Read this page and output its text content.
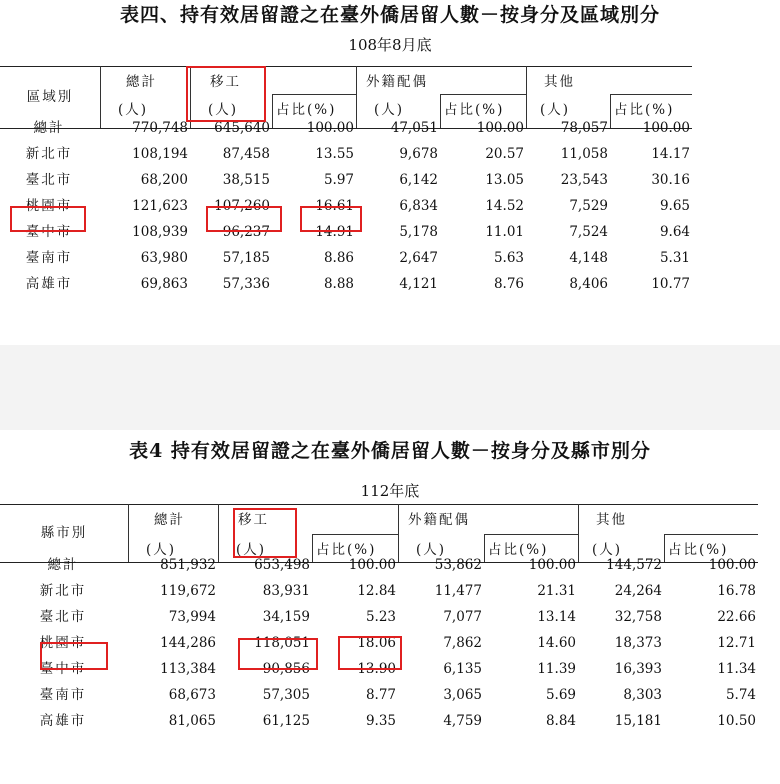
表四、持有效居留證之在臺外僑居留人數－按身分及區域別分
108年8月底
區域別
總計
(人)
移工
(人)	占比(%)
外籍配偶
(人)	占比(%)
其他
(人)	占比(%)
總計	770,748	645,640	100.00	47,051	100.00	78,057	100.00
新北市	108,194	87,458	13.55	9,678	20.57	11,058	14.17
臺北市	68,200	38,515	5.97	6,142	13.05	23,543	30.16
桃園市	121,623	107,260	16.61	6,834	14.52	7,529	9.65
臺中市	108,939	96,237	14.91	5,178	11.01	7,524	9.64
臺南市	63,980	57,185	8.86	2,647	5.63	4,148	5.31
高雄市	69,863	57,336	8.88	4,121	8.76	8,406	10.77
表4 持有效居留證之在臺外僑居留人數－按身分及縣市別分
112年底
縣市別
總計
(人)
移工
(人)	占比(%)
外籍配偶
(人)	占比(%)
其他
(人)	占比(%)
總計	851,932	653,498	100.00	53,862	100.00	144,572	100.00
新北市	119,672	83,931	12.84	11,477	21.31	24,264	16.78
臺北市	73,994	34,159	5.23	7,077	13.14	32,758	22.66
桃園市	144,286	118,051	18.06	7,862	14.60	18,373	12.71
臺中市	113,384	90,856	13.90	6,135	11.39	16,393	11.34
臺南市	68,673	57,305	8.77	3,065	5.69	8,303	5.74
高雄市	81,065	61,125	9.35	4,759	8.84	15,181	10.50
